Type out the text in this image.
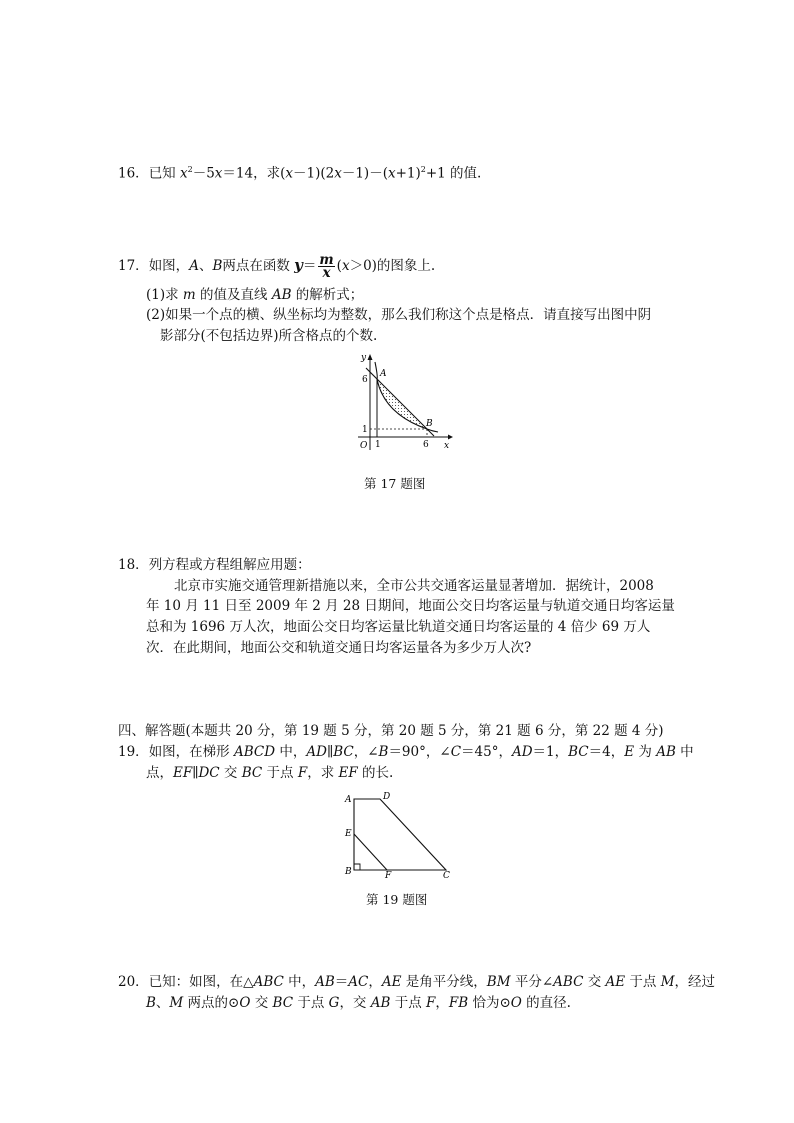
16．已知 $x^2-5x=14$，求$(x-1)(2x-1)-(x+1)^2+1$ 的值.
17．如图，A、B两点在函数 $y= \frac{m}{x} (x>0)$的图象上.
(1)求 m 的值及直线 AB 的解析式；
(2)如果一个点的横、纵坐标均为整数，那么我们称这个点是格点．请直接写出图中阴
影部分(不包括边界)所含格点的个数.
y
x
O
A
B
6
1
1	6
第 17 题图
18．列方程或方程组解应用题：
北京市实施交通管理新措施以来，全市公共交通客运量显著增加．据统计，2008
年 10 月 11 日至 2009 年 2 月 28 日期间，地面公交日均客运量与轨道交通日均客运量
总和为 1696 万人次，地面公交日均客运量比轨道交通日均客运量的 4 倍少 69 万人
次．在此期间，地面公交和轨道交通日均客运量各为多少万人次?
四、解答题(本题共 20 分，第 19 题 5 分，第 20 题 5 分，第 21 题 6 分，第 22 题 4 分)
19．如图，在梯形 ABCD 中，AD∥BC，∠B＝90°，∠C＝45°，AD＝1，BC＝4，E 为 AB 中
点，EF∥DC 交 BC 于点 F，求 EF 的长.
A	D
E
B	F	C
第 19 题图
20．已知：如图，在△ABC 中，AB＝AC，AE 是角平分线，BM 平分∠ABC 交 AE 于点 M，经过
B、M 两点的⊙O 交 BC 于点 G，交 AB 于点 F，FB 恰为⊙O 的直径.
